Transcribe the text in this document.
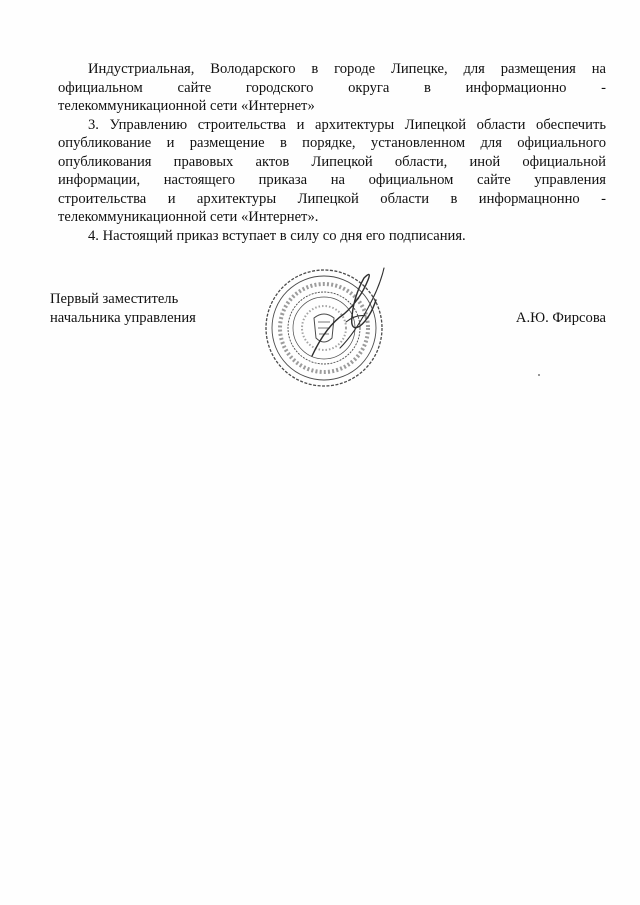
Индустриальная, Володарского в городе Липецке, для размещения на
официальном сайте городского округа в информационно -
телекоммуникационной сети «Интернет»

3. Управлению строительства и архитектуры Липецкой области обеспечить
опубликование и размещение в порядке, установленном для официального
опубликования правовых актов Липецкой области, иной официальной
информации, настоящего приказа на официальном сайте управления
строительства и архитектуры Липецкой области в информацнонно -
телекоммуникационной сети «Интернет».

4. Настоящий приказ вступает в силу со дня его подписания.

Первый заместитель
начальника управления	А.Ю. Фирсова
